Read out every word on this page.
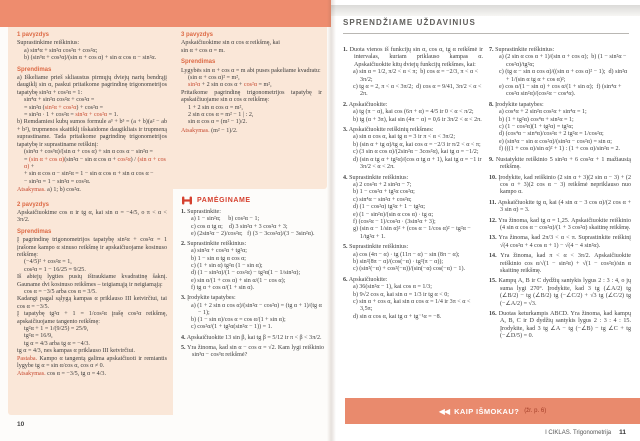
1 pavyzdys
Suprastinkime reiškinius:
a) sin⁴α + sin²α cos²α + cos²α;
b) (sin³α + cos³α)/(sin α + cos α) + sin α cos α − sin²α.
Sprendimas
a) Iškeliame prieš skliaustus pirmųjų dviejų narių bendrąjį daugiklį sin α, paskui pritaikome pagrindinę trigonometrijos tapatybę sin²α + cos²α = 1:
sin⁴α + sin²α cos²α + cos²α =
= sin²α (sin²α + cos²α) + cos²α =
= sin²α · 1 + cos²α = sin²α + cos²α = 1.
b) Remdamiesi kubų sumos formule a³ + b³ = (a + b)(a² − ab + b²), trupmenos skaitiklį išskaidome daugikliais ir trupmeną suprastiname. Tada pritaikome pagrindinę trigonometrijos tapatybę ir suprastiname reiškinį:
(sin³α + cos³α)/(sin α + cos α) + sin α cos α − sin²α =
= (sin α + cos α)(sin²α − sin α cos α + cos²α) / (sin α + cos α) +
+ sin α cos α − sin²α = 1 − sin α cos α + sin α cos α −
− sin²α = 1 − sin²α = cos²α.
Atsakymas. a) 1; b) cos²α.
2 pavyzdys
Apskaičiuokime cos α ir tg α, kai sin α = −4/5, o π < α < 3π/2.
Sprendimas
Į pagrindinę trigonometrijos tapatybę sin²α + cos²α = 1 įrašome kampo α sinuso reikšmę ir apskaičiuojame kosinuso reikšmę:
(−4/5)² + cos²α = 1,
cos²α = 1 − 16/25 = 9/25.
Iš abiejų lygties pusių ištraukiame kvadratinę šaknį. Gauname dvi kosinuso reikšmes – teigiamąją ir neigiamąją:
cos α = −3/5 arba cos α = 3/5.
Kadangi pagal sąlygą kampas α priklauso III ketvirčiui, tai cos α = −3/5.
Į tapatybę tg²α + 1 = 1/cos²α įrašę cos²α reikšmę, apskaičiuojame tangento reikšmę:
tg²α + 1 = 1/(9/25) = 25/9,
tg²α = 16/9,
tg α = 4/3 arba tg α = −4/3.
tg α = 4/3, nes kampas α priklauso III ketvirčiui.
Pastaba. Kampo α tangentą galima apskaičiuoti ir remiantis lygybe tg α = sin α/cos α, cos α ≠ 0.
Atsakymas. cos α = −3/5, tg α = 4/3.
3 pavyzdys
Apskaičiuokime sin α cos α reikšmę, kai
sin α + cos α = m.
Sprendimas
Lygybės sin α + cos α = m abi puses pakeliame kvadratu:
(sin α + cos α)² = m²,
sin²α + 2 sin α cos α + cos²α = m²,
Pritaikome pagrindinę trigonometrijos tapatybę ir apskaičiuojame sin α cos α reikšmę:
1 + 2 sin α cos α = m²,
2 sin α cos α = m² − 1 | : 2,
sin α cos α = (m² − 1)/2.
Atsakymas. (m² − 1)/2.
PAMĖGINAME
1. Suprastinkite:
a) 1 − sin²α;     b) cos²α − 1;
c) cos α tg α;    d) 3 sin²α + 3 cos²α + 3;
e) (2sin²α − 2)/cos²α;   f) (3 − 3cos²α)/(3 − 3sin²α).
2. Suprastinkite reiškinius:
a) sin²α + cos²α + tg²α;
b) 1 − sin α tg α cos α;
c) (1 + sin α) tg²α (1 − sin α);
d) (1 − sin²α)/(1 − cos²α) − tg²α(1 − 1/sin²α);
e) sin α/(1 + cos α) + sin α/(1 − cos α);
f) tg α + cos α/(1 + sin α).
3. Įrodykite tapatybes:
a) (1 + 2 sin α cos α)/(sin²α − cos²α) = (tg α + 1)/(tg α − 1);
b) (1 − sin α)/cos α = cos α/(1 + sin α);
c) cos²α/(1 + tg²α(sin²α − 1)) = 1.
4. Apskaičiuokite 13 sin β, kai tg β = 5/12 ir π < β < 3π/2.
5. Yra žinoma, kad sin α − cos α = √2. Kam lygi reiškinio sin³α − cos³α reikšmė?
10
SPRENDŽIAME UŽDAVINIUS
1. Duota vienos iš funkcijų sin α, cos α, tg α reikšmė ir intervalas, kuriam priklauso kampas α. Apskaičiuokite kitų dviejų funkcijų reikšmes, kai:
a) sin α = 1/2, π/2 < α < π;  b) cos α = −2/3, π < α < 3π/2;
c) tg α = 2, π < α < 3π/2;  d) cos α = 9/41, 3π/2 < α < 2π.
2. Apskaičiuokite:
a) tg (π − α), kai cos (6π + α) = 4/5 ir 0 < α < π/2;
b) tg (α + 3π), kai sin (4π − α) = 0,6 ir 3π/2 < α < 2π.
3. Apskaičiuokite reiškinių reikšmes:
a) sin α cos α, kai tg α = 3 ir π < α < 3π/2;
b) (sin α + tg α)/tg α, kai cos α = −2/3 ir π/2 < α < π;
c) (3 sin α cos α)/(2sin²α − 3cos²α), kai tg α = −1/2;
d) (sin α tg α + tg²α)/(cos α tg α + 1), kai tg α = −1 ir 3π/2 < α < 2π.
4. Suprastinkite reiškinius:
a) 2 cos²α + 2 sin²α − 7;
b) 1 − cos²α + tg²α cos²α;
c) sin⁴α − sin²α + cos²α;
d) (1 − cos²α) tg²α + 1 − tg²α;
e) (1 − sin²α)/(sin α cos α) · tg α;
f) (cos²α − 1)/cos²α · (3sin²α + 3);
g) (sin α − 1/sin α)² + (cos α − 1/cos α)² − tg²α − 1/tg²α + 1.
5. Suprastinkite reiškinius:
a) cos (4π − α) · tg (11π − α) − sin (8π − α);
b) sin²(8π − α)/(cos(−α) · tg²(π − α));
c) (sin²(−α) + cos²(−α))/(sin(−α) cos(−α) − 1).
6. Apskaičiuokite:
a) 36(sin²α − 1), kai cos α = 1/3;
b) 9√2 cos α, kai sin α = 1/3 ir tg α < 0;
c) sin α + cos α, kai sin α cos α = 1/4 ir 3π < α < 3,5π;
d) sin α cos α, kai tg α + tg⁻¹α = −8.
7. Suprastinkite reiškinius:
a) (2 sin α cos α + 1)/(sin α + cos α);  b) (1 − sin²α − cos²α)/tg²α;
c) (tg α − sin α cos α)/((sin α + cos α)² − 1);  d) sin²α + 1/(sin α tg α + cos α)²;
e) cos α/(1 − sin α) + cos α/(1 + sin α);  f) (sin⁴α + cos²α sin²α)/(cos²α − cos⁴α).
8. Įrodykite tapatybes:
a) cos⁴α + 2 sin²α cos²α + sin⁴α = 1;
b) (1 + tg²α) cos⁴α + sin²α = 1;
c) (1 − cos²α)(1 + tg²α) = tg²α;
d) (cos⁴α − sin⁴α)/cos²α + 2 tg²α = 1/cos²α;
e) (sin³α − sin α cos²α)/(sin²α − cos²α) = sin α;
f) (((1 + cos α)/sin α)² + 1) : (1 + cos α)/sin²α = 2.
9. Nustatykite reiškinio 5 sin²α + 6 cos²α + 1 mažiausią reikšmę.
10. Įrodykite, kad reiškinio (2 sin α + 3)(2 sin α − 3) + (2 cos α + 3)(2 cos α − 3) reikšmė nepriklauso nuo kampo α.
11. Apskaičiuokite tg α, kai (4 sin α − 3 cos α)/(2 cos α + 3 sin α) = 3.
12. Yra žinoma, kad tg α = 1,25. Apskaičiuokite reiškinio (4 sin α cos α − cos²α)/(1 + 3 cos²α) skaitinę reikšmę.
13. Yra žinoma, kad 2π/3 < α < π. Suprastinkite reiškinį √(4 cos²α + 4 cos α + 1) − √(4 − 4 sin²α).
14. Yra žinoma, kad π < α < 3π/2. Apskaičiuokite reiškinio cos α/√(1 − sin²α) + √(1 − cos²α)/sin α skaitinę reikšmę.
15. Kampų A, B ir C dydžių santykis lygus 2 : 3 : 4, o jų suma lygi 270°. Įrodykite, kad 3 tg (∠A/2) tg (∠B/2) − tg (∠B/2) tg (−∠C/2) + √3 tg (∠C/2) tg (−∠A/2) = √3.
16. Duotas keturkampis ABCD. Yra žinoma, kad kampų A, B, C ir D dydžių santykis lygus 2 : 3 : 4 : 15. Įrodykite, kad 3 tg ∠A − tg (−∠B) − tg ∠C + tg (−∠D/5) = 0.
◀◀ KAIP IŠMOKAU? (žr. p. 6)
I CIKLAS. Trigonometrija 11
